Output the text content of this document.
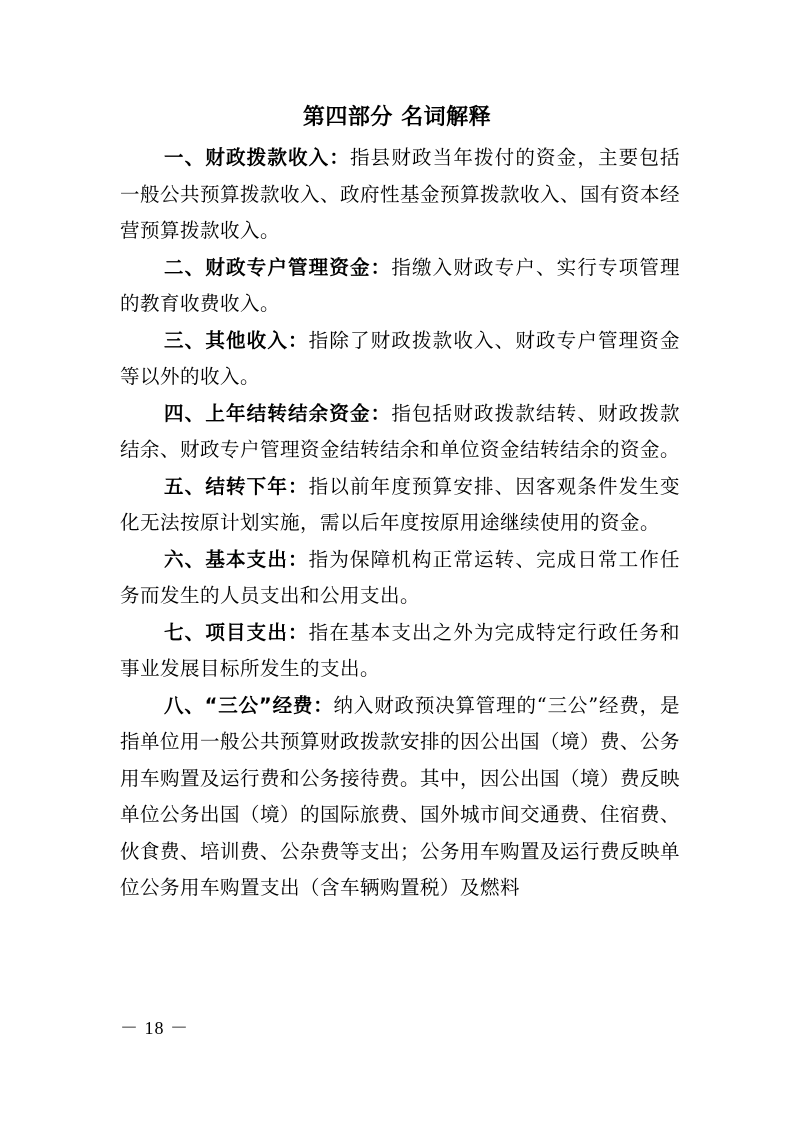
第四部分 名词解释

一、财政拨款收入：指县财政当年拨付的资金，主要包括一般公共预算拨款收入、政府性基金预算拨款收入、国有资本经营预算拨款收入。

二、财政专户管理资金：指缴入财政专户、实行专项管理的教育收费收入。

三、其他收入：指除了财政拨款收入、财政专户管理资金等以外的收入。

四、上年结转结余资金：指包括财政拨款结转、财政拨款结余、财政专户管理资金结转结余和单位资金结转结余的资金。

五、结转下年：指以前年度预算安排、因客观条件发生变化无法按原计划实施，需以后年度按原用途继续使用的资金。

六、基本支出：指为保障机构正常运转、完成日常工作任务而发生的人员支出和公用支出。

七、项目支出：指在基本支出之外为完成特定行政任务和事业发展目标所发生的支出。

八、“三公”经费：纳入财政预决算管理的“三公”经费，是指单位用一般公共预算财政拨款安排的因公出国（境）费、公务用车购置及运行费和公务接待费。其中，因公出国（境）费反映单位公务出国（境）的国际旅费、国外城市间交通费、住宿费、伙食费、培训费、公杂费等支出；公务用车购置及运行费反映单位公务用车购置支出（含车辆购置税）及燃料

－ 18 －
